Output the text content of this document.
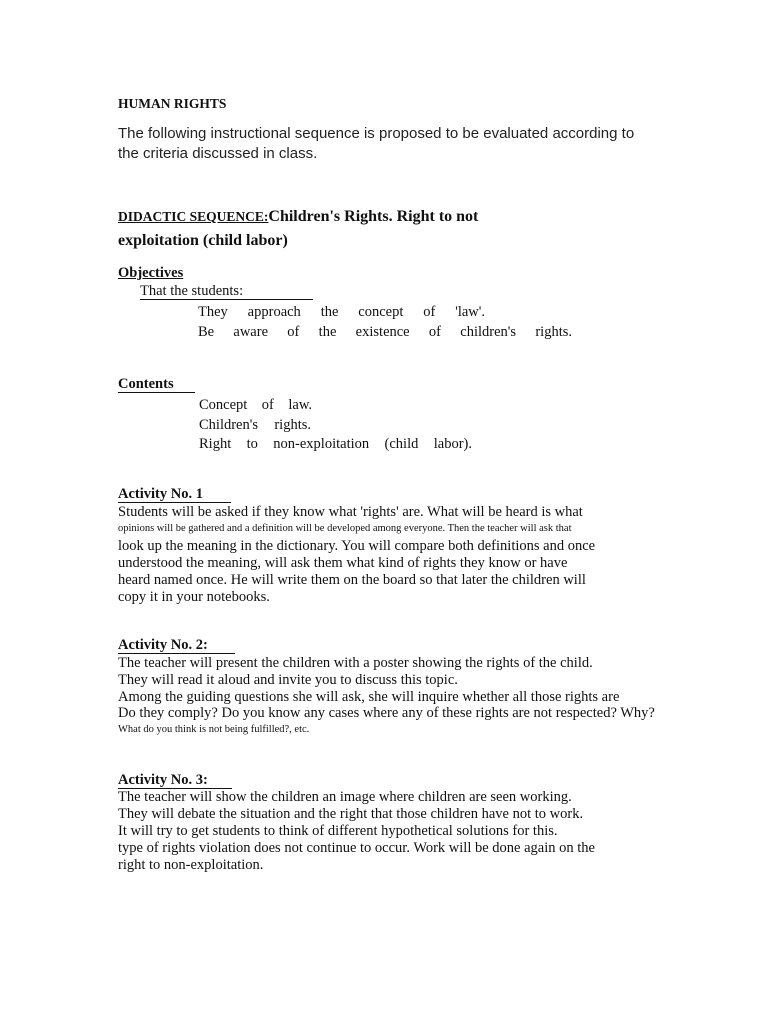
HUMAN RIGHTS
The following instructional sequence is proposed to be evaluated according to
the criteria discussed in class.
DIDACTIC SEQUENCE:Children's Rights. Right to not
exploitation (child labor)
Objectives
That the students:
They approach the concept of 'law'.
Be aware of the existence of children's rights.
Contents
Concept of law.
Children's rights.
Right to non-exploitation (child labor).
Activity No. 1
Students will be asked if they know what 'rights' are. What will be heard is what
opinions will be gathered and a definition will be developed among everyone. Then the teacher will ask that
look up the meaning in the dictionary. You will compare both definitions and once
understood the meaning, will ask them what kind of rights they know or have
heard named once. He will write them on the board so that later the children will
copy it in your notebooks.
Activity No. 2:
The teacher will present the children with a poster showing the rights of the child.
They will read it aloud and invite you to discuss this topic.
Among the guiding questions she will ask, she will inquire whether all those rights are
Do they comply? Do you know any cases where any of these rights are not respected? Why?
What do you think is not being fulfilled?, etc.
Activity No. 3:
The teacher will show the children an image where children are seen working.
They will debate the situation and the right that those children have not to work.
It will try to get students to think of different hypothetical solutions for this.
type of rights violation does not continue to occur. Work will be done again on the
right to non-exploitation.
